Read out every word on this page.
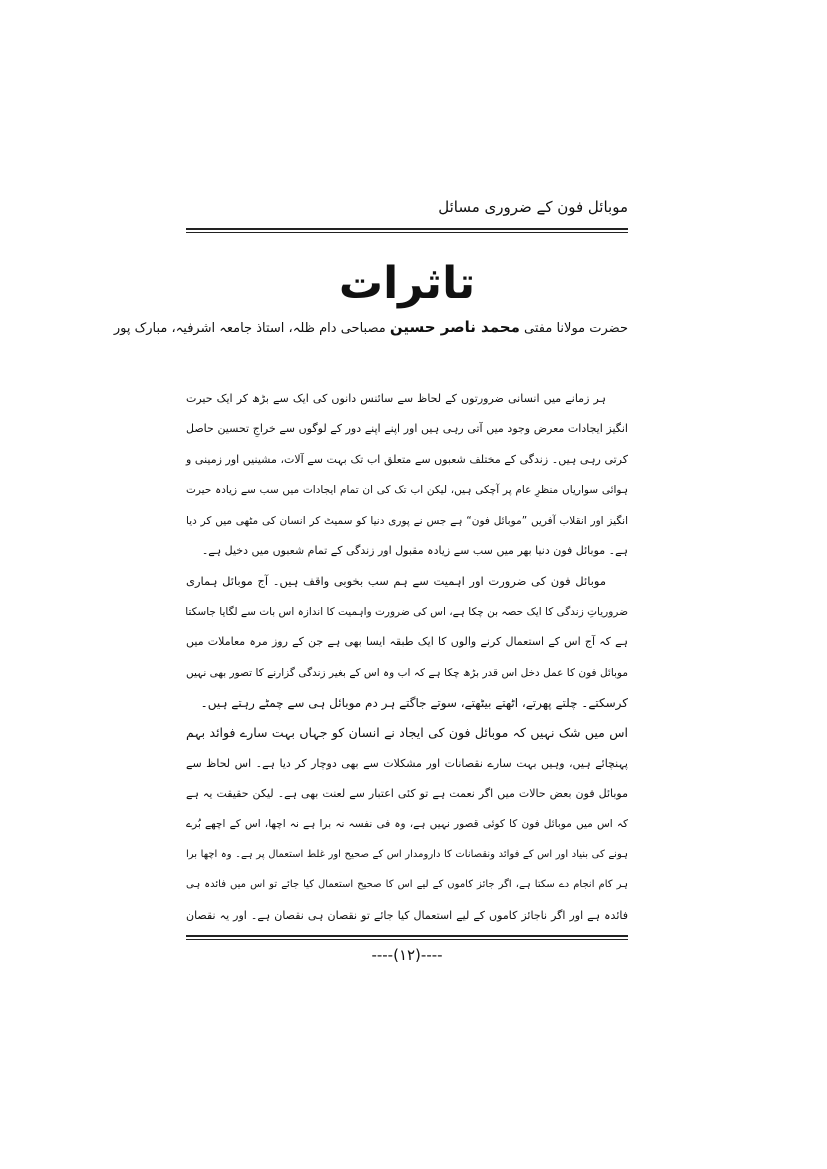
موبائل فون کے ضروری مسائل
تاثرات
حضرت مولانا مفتی محمد ناصر حسین مصباحی دام ظلہ، استاذ جامعہ اشرفیہ، مبارک پور
ہر زمانے میں انسانی ضرورتوں کے لحاظ سے سائنس دانوں کی ایک سے بڑھ کر ایک حیرت
انگیز ایجادات معرض وجود میں آتی رہی ہیں اور اپنے اپنے دور کے لوگوں سے خراجِ تحسین حاصل
کرتی رہی ہیں۔ زندگی کے مختلف شعبوں سے متعلق اب تک بہت سے آلات، مشینیں اور زمینی و
ہوائی سواریاں منظرِ عام پر آچکی ہیں، لیکن اب تک کی ان تمام ایجادات میں سب سے زیادہ حیرت
انگیز اور انقلاب آفریں ”موبائل فون“ ہے جس نے پوری دنیا کو سمیٹ کر انسان کی مٹھی میں کر دیا
ہے۔ موبائل فون دنیا بھر میں سب سے زیادہ مقبول اور زندگی کے تمام شعبوں میں دخیل ہے۔
موبائل فون کی ضرورت اور اہمیت سے ہم سب بخوبی واقف ہیں۔ آج موبائل ہماری
ضروریاتِ زندگی کا ایک حصہ بن چکا ہے، اس کی ضرورت واہمیت کا اندازہ اس بات سے لگایا جاسکتا
ہے کہ آج اس کے استعمال کرنے والوں کا ایک طبقہ ایسا بھی ہے جن کے روز مرہ معاملات میں
موبائل فون کا عمل دخل اس قدر بڑھ چکا ہے کہ اب وہ اس کے بغیر زندگی گزارنے کا تصور بھی نہیں
کرسکتے۔ چلتے پھرتے، اٹھتے بیٹھتے، سوتے جاگتے ہر دم موبائل ہی سے چمٹے رہتے ہیں۔
اس میں شک نہیں کہ موبائل فون کی ایجاد نے انسان کو جہاں بہت سارے فوائد بہم
پہنچائے ہیں، وہیں بہت سارے نقصانات اور مشکلات سے بھی دوچار کر دیا ہے۔ اس لحاظ سے
موبائل فون بعض حالات میں اگر نعمت ہے تو کئی اعتبار سے لعنت بھی ہے۔ لیکن حقیقت یہ ہے
کہ اس میں موبائل فون کا کوئی قصور نہیں ہے، وہ فی نفسہ نہ برا ہے نہ اچھا، اس کے اچھے بُرے
ہونے کی بنیاد اور اس کے فوائد ونقصانات کا دارومدار اس کے صحیح اور غلط استعمال پر ہے۔ وہ اچھا برا
ہر کام انجام دے سکتا ہے، اگر جائز کاموں کے لیے اس کا صحیح استعمال کیا جائے تو اس میں فائدہ ہی
فائدہ ہے اور اگر ناجائز کاموں کے لیے استعمال کیا جائے تو نقصان ہی نقصان ہے۔ اور یہ نقصان
----(۱۲)----
